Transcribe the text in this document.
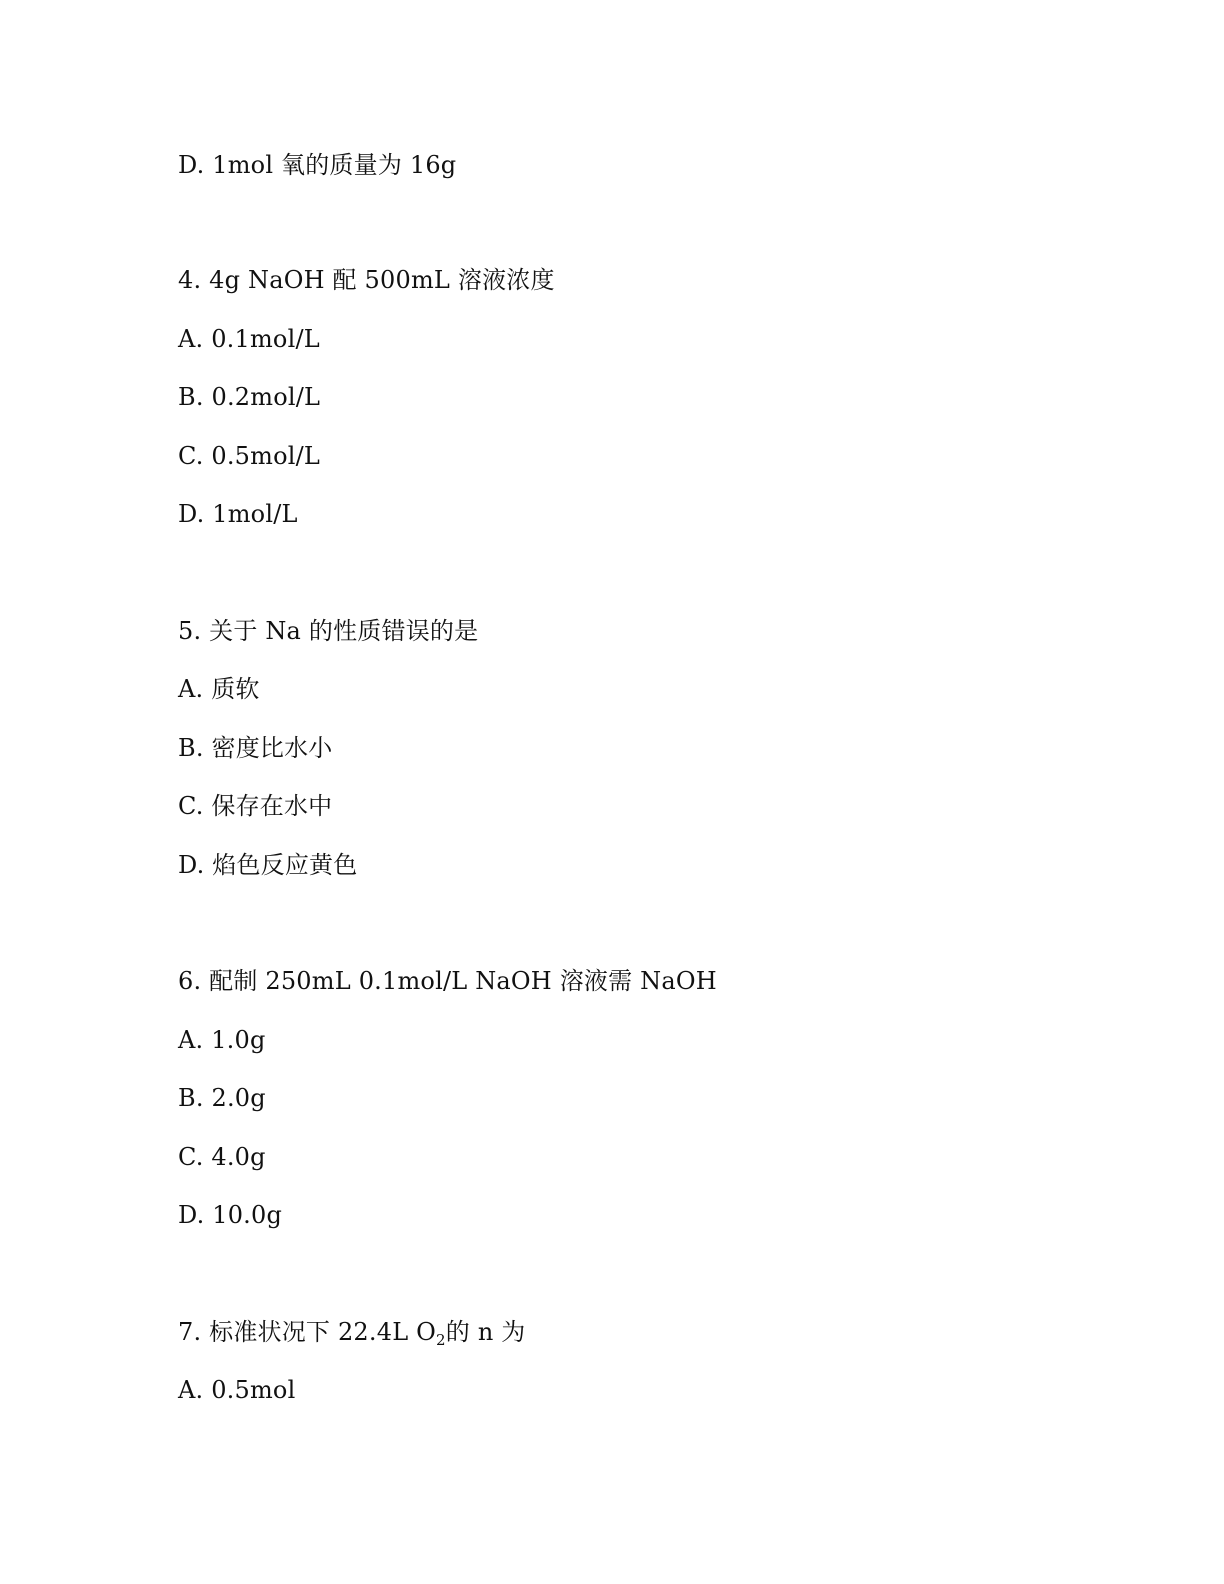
D. 1mol 氧的质量为 16g
4. 4g NaOH 配 500mL 溶液浓度
A. 0.1mol/L
B. 0.2mol/L
C. 0.5mol/L
D. 1mol/L
5. 关于 Na 的性质错误的是
A. 质软
B. 密度比水小
C. 保存在水中
D. 焰色反应黄色
6. 配制 250mL 0.1mol/L NaOH 溶液需 NaOH
A. 1.0g
B. 2.0g
C. 4.0g
D. 10.0g
7. 标准状况下 22.4L $O_2$的 n 为
A. 0.5mol
